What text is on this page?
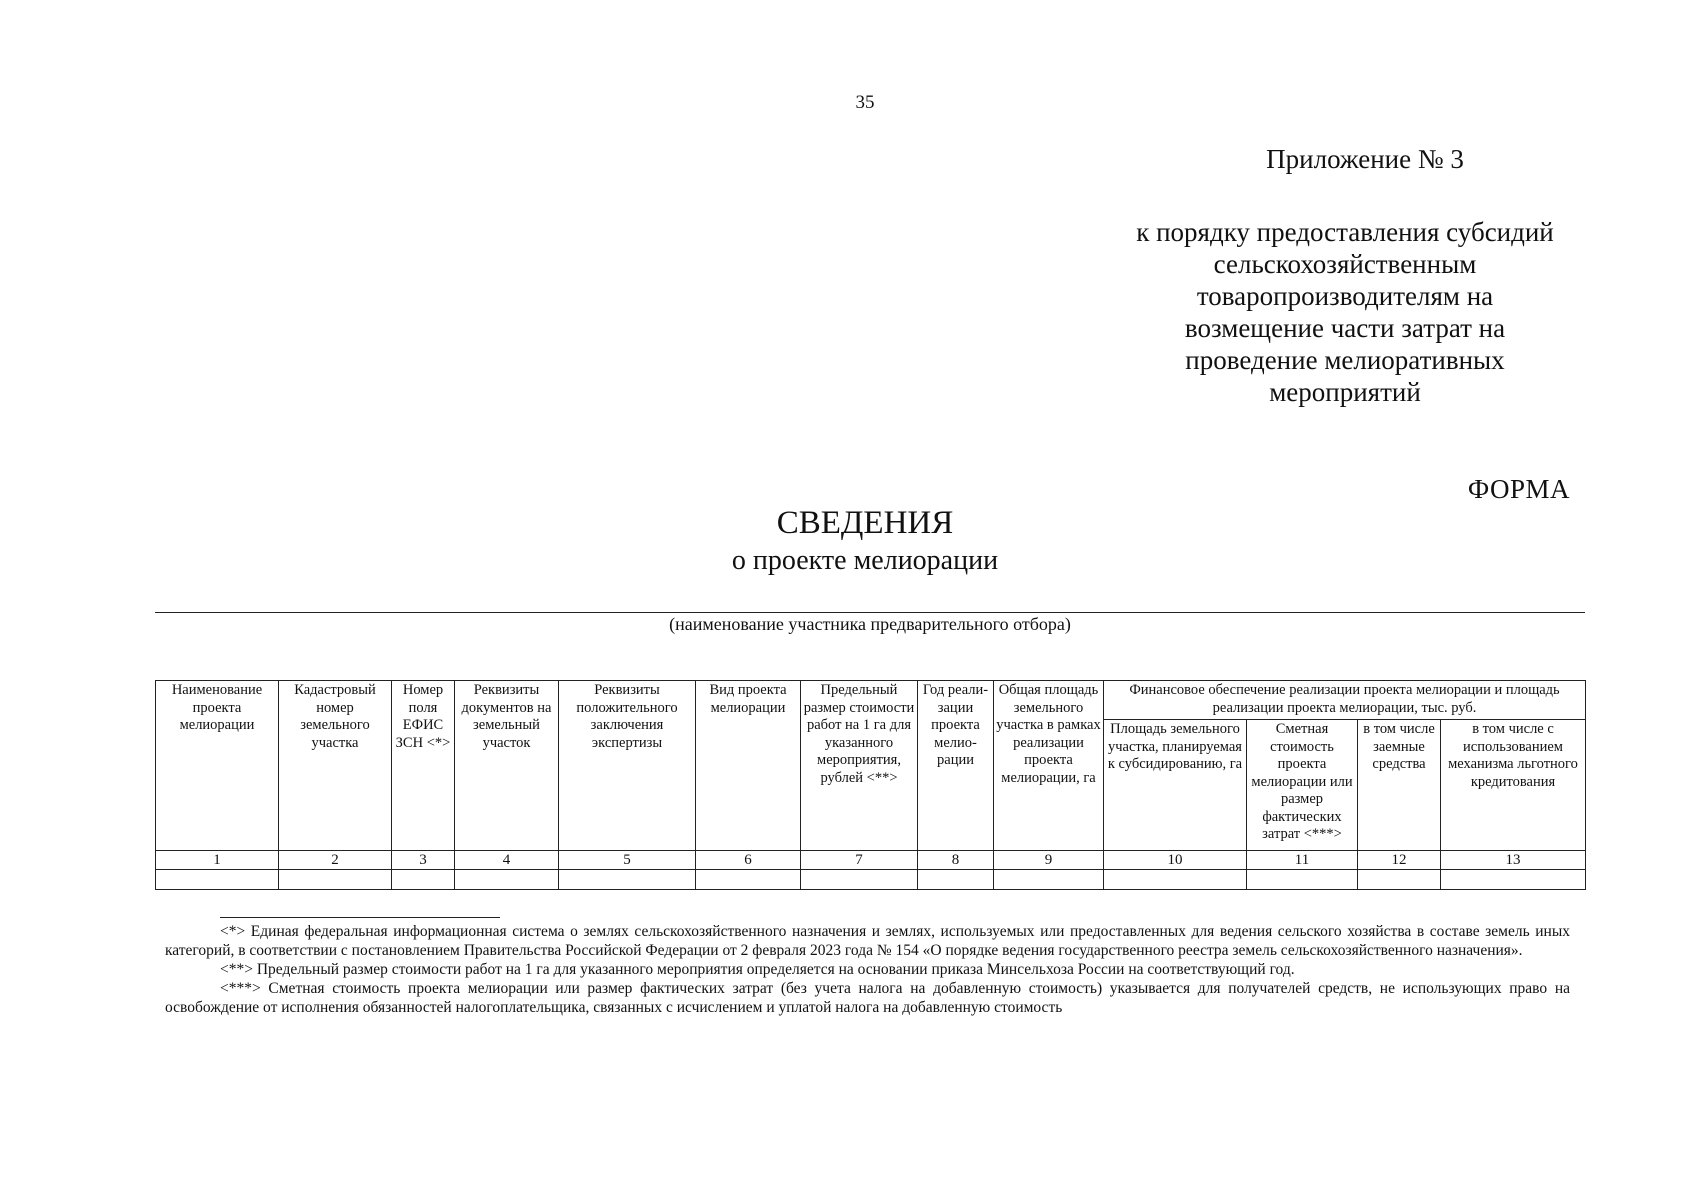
35
Приложение № 3
к порядку предоставления субсидий
сельскохозяйственным
товаропроизводителям на
возмещение части затрат на
проведение мелиоративных
мероприятий
ФОРМА
СВЕДЕНИЯ
о проекте мелиорации
(наименование участника предварительного отбора)
Наименование проекта мелиорации	Кадастровый номер земельного участка	Номер поля ЕФИС ЗСН <*>	Реквизиты документов на земельный участок	Реквизиты положительного заключения экспертизы	Вид проекта мелиорации	Предельный размер стоимости работ на 1 га для указанного мероприятия, рублей <**>	Год реали-зации проекта мелио-рации	Общая площадь земельного участка в рамках реализации проекта мелиорации, га	Финансовое обеспечение реализации проекта мелиорации и площадь реализации проекта мелиорации, тыс. руб.			
									Площадь земельного участка, планируемая к субсидированию, га	Сметная стоимость проекта мелиорации или размер фактических затрат <***>	в том числе заемные средства	в том числе с использованием механизма льготного кредитования
1	2	3	4	5	6	7	8	9	10	11	12	13

<*> Единая федеральная информационная система о землях сельскохозяйственного назначения и землях, используемых или предоставленных для ведения сельского хозяйства в составе земель иных категорий, в соответствии с постановлением Правительства Российской Федерации от 2 февраля 2023 года № 154 «О порядке ведения государственного реестра земель сельскохозяйственного назначения».

<**> Предельный размер стоимости работ на 1 га для указанного мероприятия определяется на основании приказа Минсельхоза России на соответствующий год.

<***> Сметная стоимость проекта мелиорации или размер фактических затрат (без учета налога на добавленную стоимость) указывается для получателей средств, не использующих право на освобождение от исполнения обязанностей налогоплательщика, связанных с исчислением и уплатой налога на добавленную стоимость
